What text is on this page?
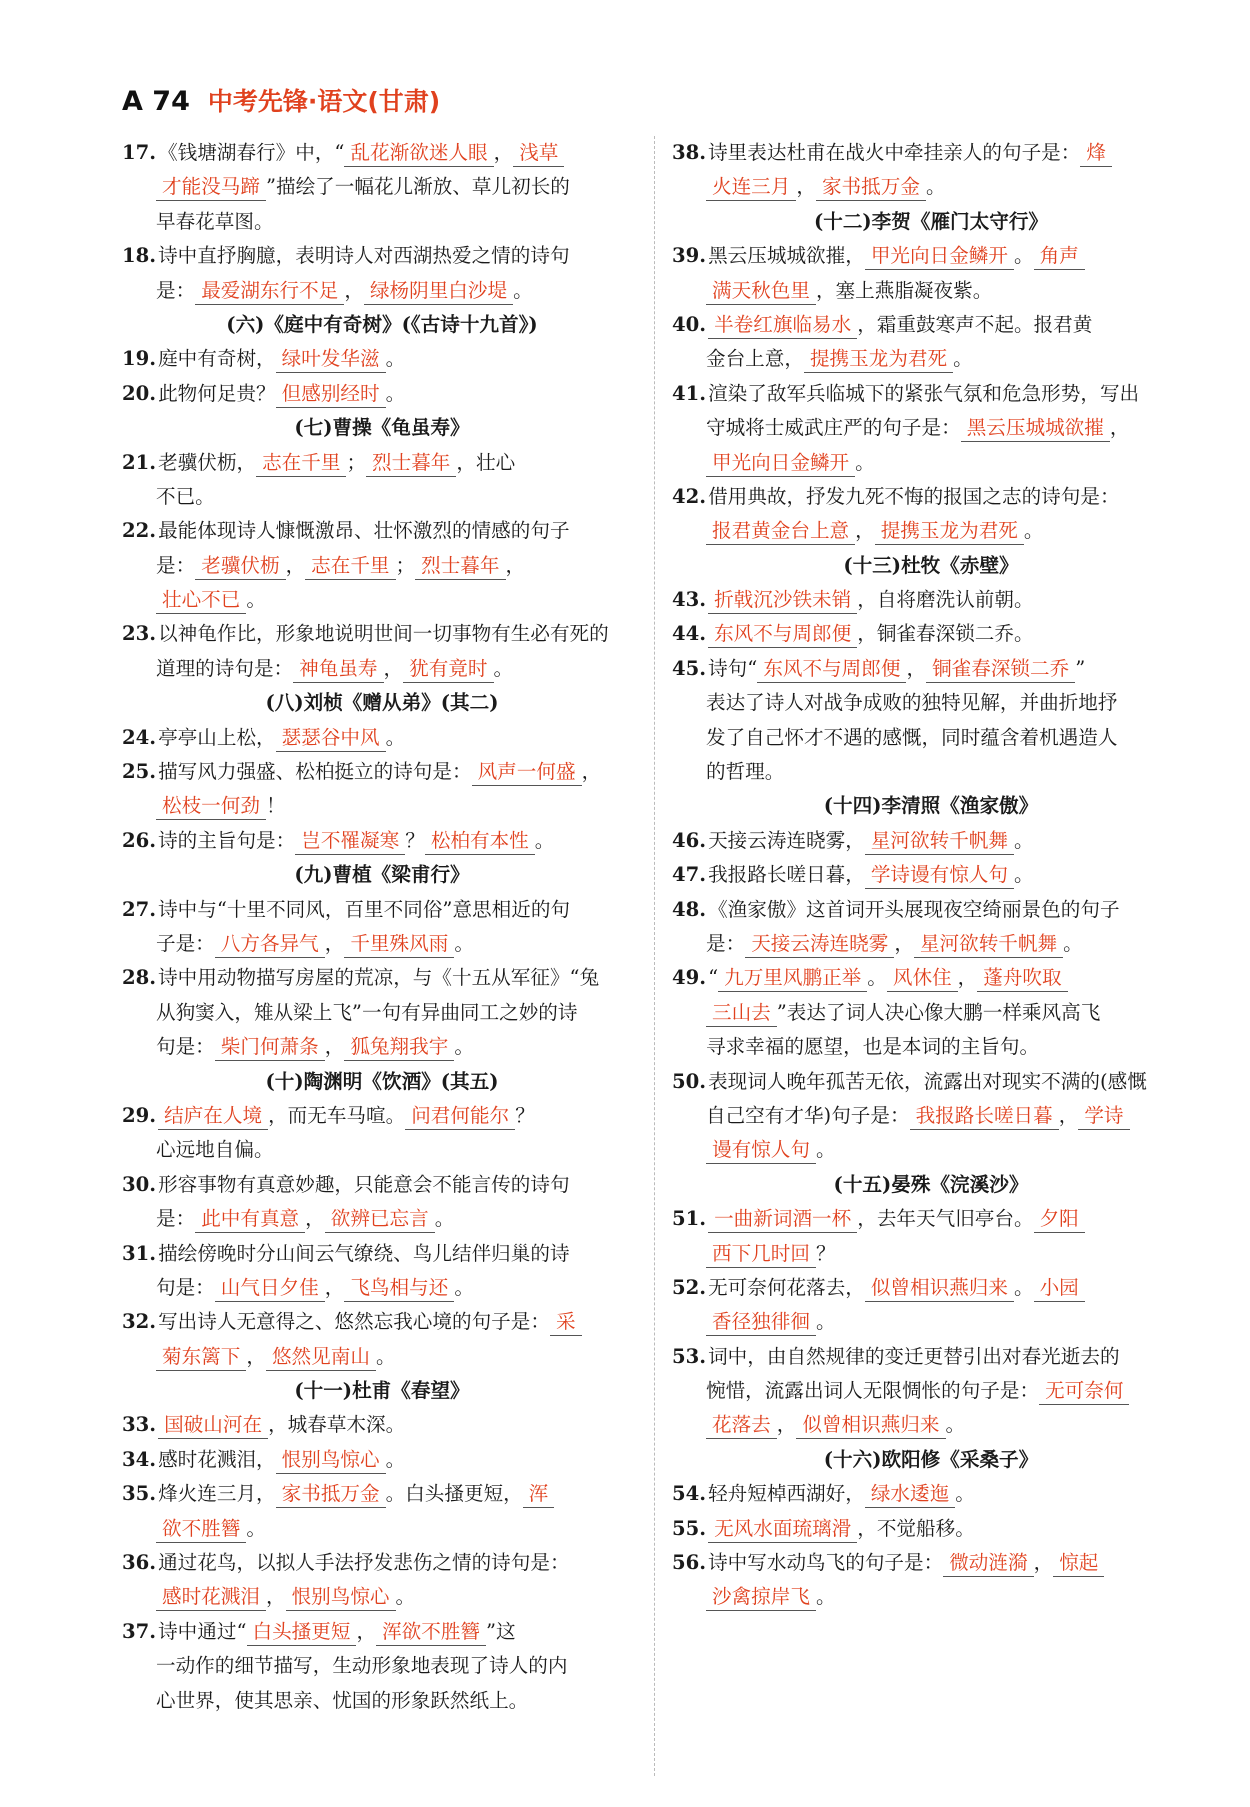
A 74 中考先锋·语文(甘肃)
17. 《钱塘湖春行》中，“ 乱花渐欲迷人眼 ， 浅草
才能没马蹄 ”描绘了一幅花儿渐放、草儿初长的
早春花草图。
18. 诗中直抒胸臆，表明诗人对西湖热爱之情的诗句
是： 最爱湖东行不足 ， 绿杨阴里白沙堤 。
(六)《庭中有奇树》(《古诗十九首》)
19. 庭中有奇树， 绿叶发华滋 。
20. 此物何足贵？ 但感别经时 。
(七)曹操《龟虽寿》
21. 老骥伏枥， 志在千里 ； 烈士暮年 ，壮心
不已。
22. 最能体现诗人慷慨激昂、壮怀激烈的情感的句子
是： 老骥伏枥 ， 志在千里 ； 烈士暮年 ，
壮心不已 。
23. 以神龟作比，形象地说明世间一切事物有生必有死的
道理的诗句是： 神龟虽寿 ， 犹有竟时 。
(八)刘桢《赠从弟》(其二)
24. 亭亭山上松， 瑟瑟谷中风 。
25. 描写风力强盛、松柏挺立的诗句是： 风声一何盛 ，
松枝一何劲 ！
26. 诗的主旨句是： 岂不罹凝寒 ？ 松柏有本性 。
(九)曹植《梁甫行》
27. 诗中与“十里不同风，百里不同俗”意思相近的句
子是： 八方各异气 ， 千里殊风雨 。
28. 诗中用动物描写房屋的荒凉，与《十五从军征》“兔
从狗窦入，雉从梁上飞”一句有异曲同工之妙的诗
句是： 柴门何萧条 ， 狐兔翔我宇 。
(十)陶渊明《饮酒》(其五)
29. 结庐在人境 ，而无车马喧。 问君何能尔 ？
心远地自偏。
30. 形容事物有真意妙趣，只能意会不能言传的诗句
是： 此中有真意 ， 欲辨已忘言 。
31. 描绘傍晚时分山间云气缭绕、鸟儿结伴归巢的诗
句是： 山气日夕佳 ， 飞鸟相与还 。
32. 写出诗人无意得之、悠然忘我心境的句子是： 采
菊东篱下 ， 悠然见南山 。
(十一)杜甫《春望》
33. 国破山河在 ，城春草木深。
34. 感时花溅泪， 恨别鸟惊心 。
35. 烽火连三月， 家书抵万金 。白头搔更短， 浑
欲不胜簪 。
36. 通过花鸟，以拟人手法抒发悲伤之情的诗句是：
感时花溅泪 ， 恨别鸟惊心 。
37. 诗中通过“ 白头搔更短 ， 浑欲不胜簪 ”这
一动作的细节描写，生动形象地表现了诗人的内
心世界，使其思亲、忧国的形象跃然纸上。
38. 诗里表达杜甫在战火中牵挂亲人的句子是： 烽
火连三月 ， 家书抵万金 。
(十二)李贺《雁门太守行》
39. 黑云压城城欲摧， 甲光向日金鳞开 。 角声
满天秋色里 ，塞上燕脂凝夜紫。
40. 半卷红旗临易水 ，霜重鼓寒声不起。报君黄
金台上意， 提携玉龙为君死 。
41. 渲染了敌军兵临城下的紧张气氛和危急形势，写出
守城将士威武庄严的句子是： 黑云压城城欲摧 ，
甲光向日金鳞开 。
42. 借用典故，抒发九死不悔的报国之志的诗句是：
报君黄金台上意 ， 提携玉龙为君死 。
(十三)杜牧《赤壁》
43. 折戟沉沙铁未销 ，自将磨洗认前朝。
44. 东风不与周郎便 ，铜雀春深锁二乔。
45. 诗句“ 东风不与周郎便 ， 铜雀春深锁二乔 ”
表达了诗人对战争成败的独特见解，并曲折地抒
发了自己怀才不遇的感慨，同时蕴含着机遇造人
的哲理。
(十四)李清照《渔家傲》
46. 天接云涛连晓雾， 星河欲转千帆舞 。
47. 我报路长嗟日暮， 学诗谩有惊人句 。
48. 《渔家傲》这首词开头展现夜空绮丽景色的句子
是： 天接云涛连晓雾 ， 星河欲转千帆舞 。
49. “ 九万里风鹏正举 。 风休住 ， 蓬舟吹取
三山去 ”表达了词人决心像大鹏一样乘风高飞
寻求幸福的愿望，也是本词的主旨句。
50. 表现词人晚年孤苦无依，流露出对现实不满的(感慨
自己空有才华)句子是： 我报路长嗟日暮 ， 学诗
谩有惊人句 。
(十五)晏殊《浣溪沙》
51. 一曲新词酒一杯 ，去年天气旧亭台。 夕阳
西下几时回 ？
52. 无可奈何花落去， 似曾相识燕归来 。 小园
香径独徘徊 。
53. 词中，由自然规律的变迁更替引出对春光逝去的
惋惜，流露出词人无限惆怅的句子是： 无可奈何
花落去 ， 似曾相识燕归来 。
(十六)欧阳修《采桑子》
54. 轻舟短棹西湖好， 绿水逶迤 。
55. 无风水面琉璃滑 ，不觉船移。
56. 诗中写水动鸟飞的句子是： 微动涟漪 ， 惊起
沙禽掠岸飞 。
